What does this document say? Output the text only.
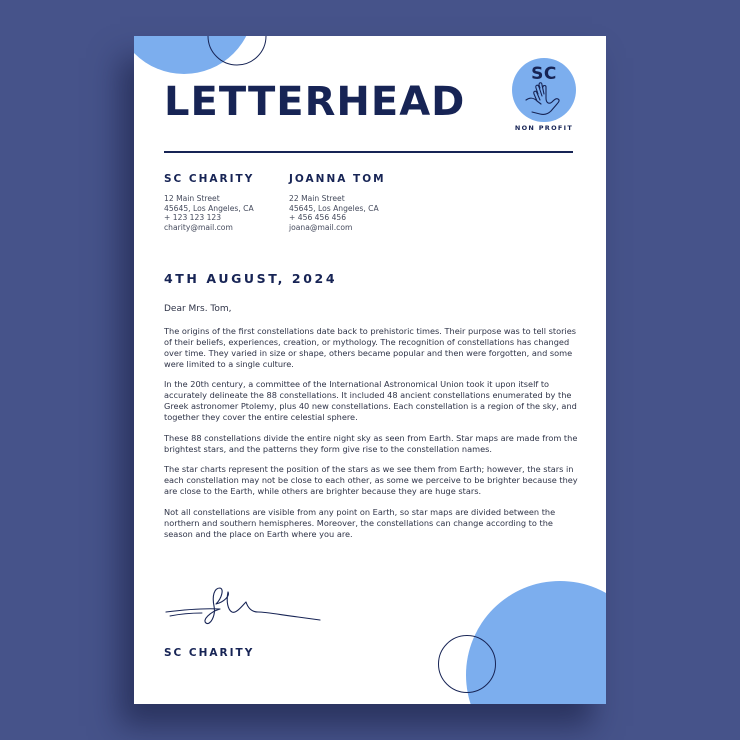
LETTERHEAD
SC
NON PROFIT
SC CHARITY
12 Main Street
45645, Los Angeles, CA
+ 123 123 123
charity@mail.com
JOANNA TOM
22 Main Street
45645, Los Angeles, CA
+ 456 456 456
joana@mail.com
4TH AUGUST, 2024
Dear Mrs. Tom,

The origins of the first constellations date back to prehistoric times. Their purpose was to tell stories of their beliefs, experiences, creation, or mythology. The recognition of constellations has changed over time. They varied in size or shape, others became popular and then were forgotten, and some were limited to a single culture.

In the 20th century, a committee of the International Astronomical Union took it upon itself to accurately delineate the 88 constellations. It included 48 ancient constellations enumerated by the Greek astronomer Ptolemy, plus 40 new constellations. Each constellation is a region of the sky, and together they cover the entire celestial sphere.

These 88 constellations divide the entire night sky as seen from Earth. Star maps are made from the brightest stars, and the patterns they form give rise to the constellation names.

The star charts represent the position of the stars as we see them from Earth; however, the stars in each constellation may not be close to each other, as some we perceive to be brighter because they are close to the Earth, while others are brighter because they are huge stars.

Not all constellations are visible from any point on Earth, so star maps are divided between the northern and southern hemispheres. Moreover, the constellations can change according to the season and the place on Earth where you are.

SC CHARITY
